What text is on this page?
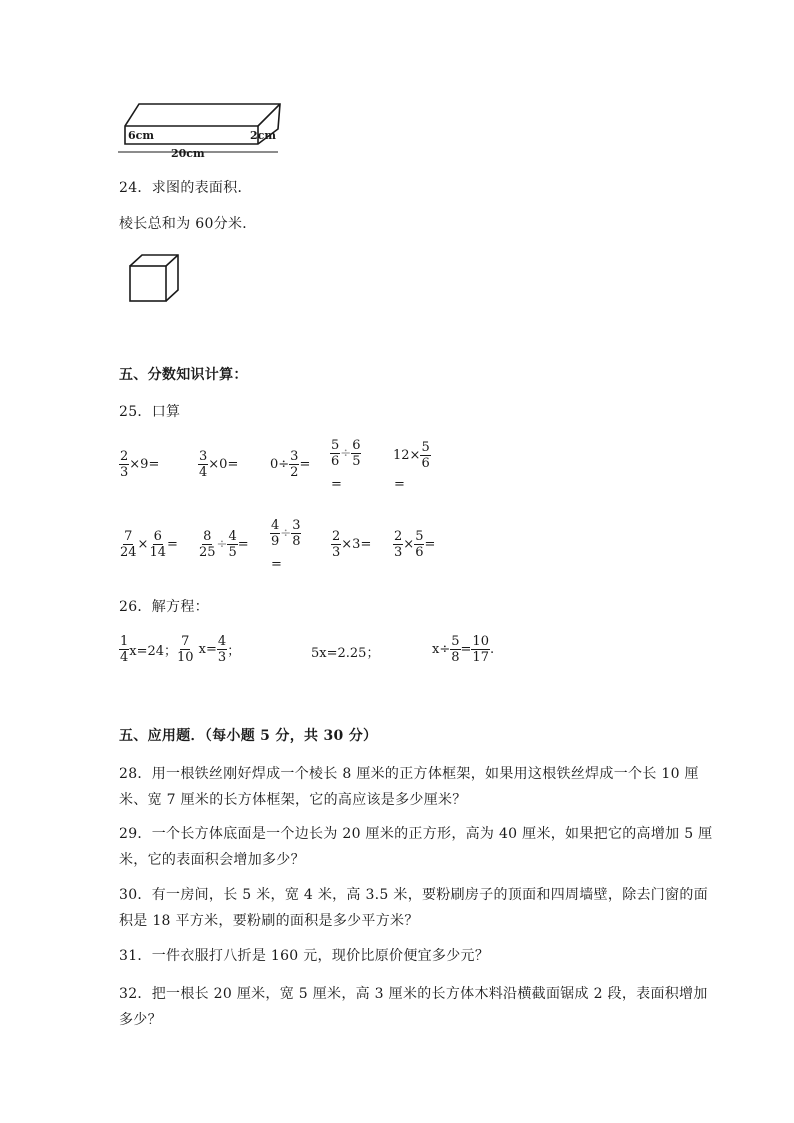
6cm	2cm
20cm
24．求图的表面积．
棱长总和为 60分米．
五、分数知识计算：
25．口算
$\frac{2}{3} \times 9=$	$\frac{3}{4} \times 0= 0\div \frac{3}{2} = \frac{5}{6} \div \frac{6}{5}$
=
$12\times \frac{5}{6}$
=
$\frac{7}{24} \times \frac{6}{14} = \frac{8}{25} \div \frac{4}{5} = \frac{4}{9} \div \frac{3}{8}$
=
$\frac{2}{3} \times 3= \frac{2}{3} \times \frac{5}{6}$ =
26．解方程：
$\frac{1}{4} x=24$；
$\frac{7}{10} x= \frac{4}{3}$ ；	5x=2.25；	$x\div \frac{5}{8} = \frac{10}{17}$ .
五、应用题．（每小题 5 分，共 30 分）
28．用一根铁丝刚好焊成一个棱长 8 厘米的正方体框架，如果用这根铁丝焊成一个长 10 厘
米、宽 7 厘米的长方体框架，它的高应该是多少厘米？
29．一个长方体底面是一个边长为 20 厘米的正方形，高为 40 厘米，如果把它的高增加 5 厘
米，它的表面积会增加多少？
30．有一房间，长 5 米，宽 4 米，高 3.5 米，要粉刷房子的顶面和四周墙壁，除去门窗的面
积是 18 平方米，要粉刷的面积是多少平方米？
31．一件衣服打八折是 160 元，现价比原价便宜多少元？
32．把一根长 20 厘米，宽 5 厘米，高 3 厘米的长方体木料沿横截面锯成 2 段，表面积增加
多少？
